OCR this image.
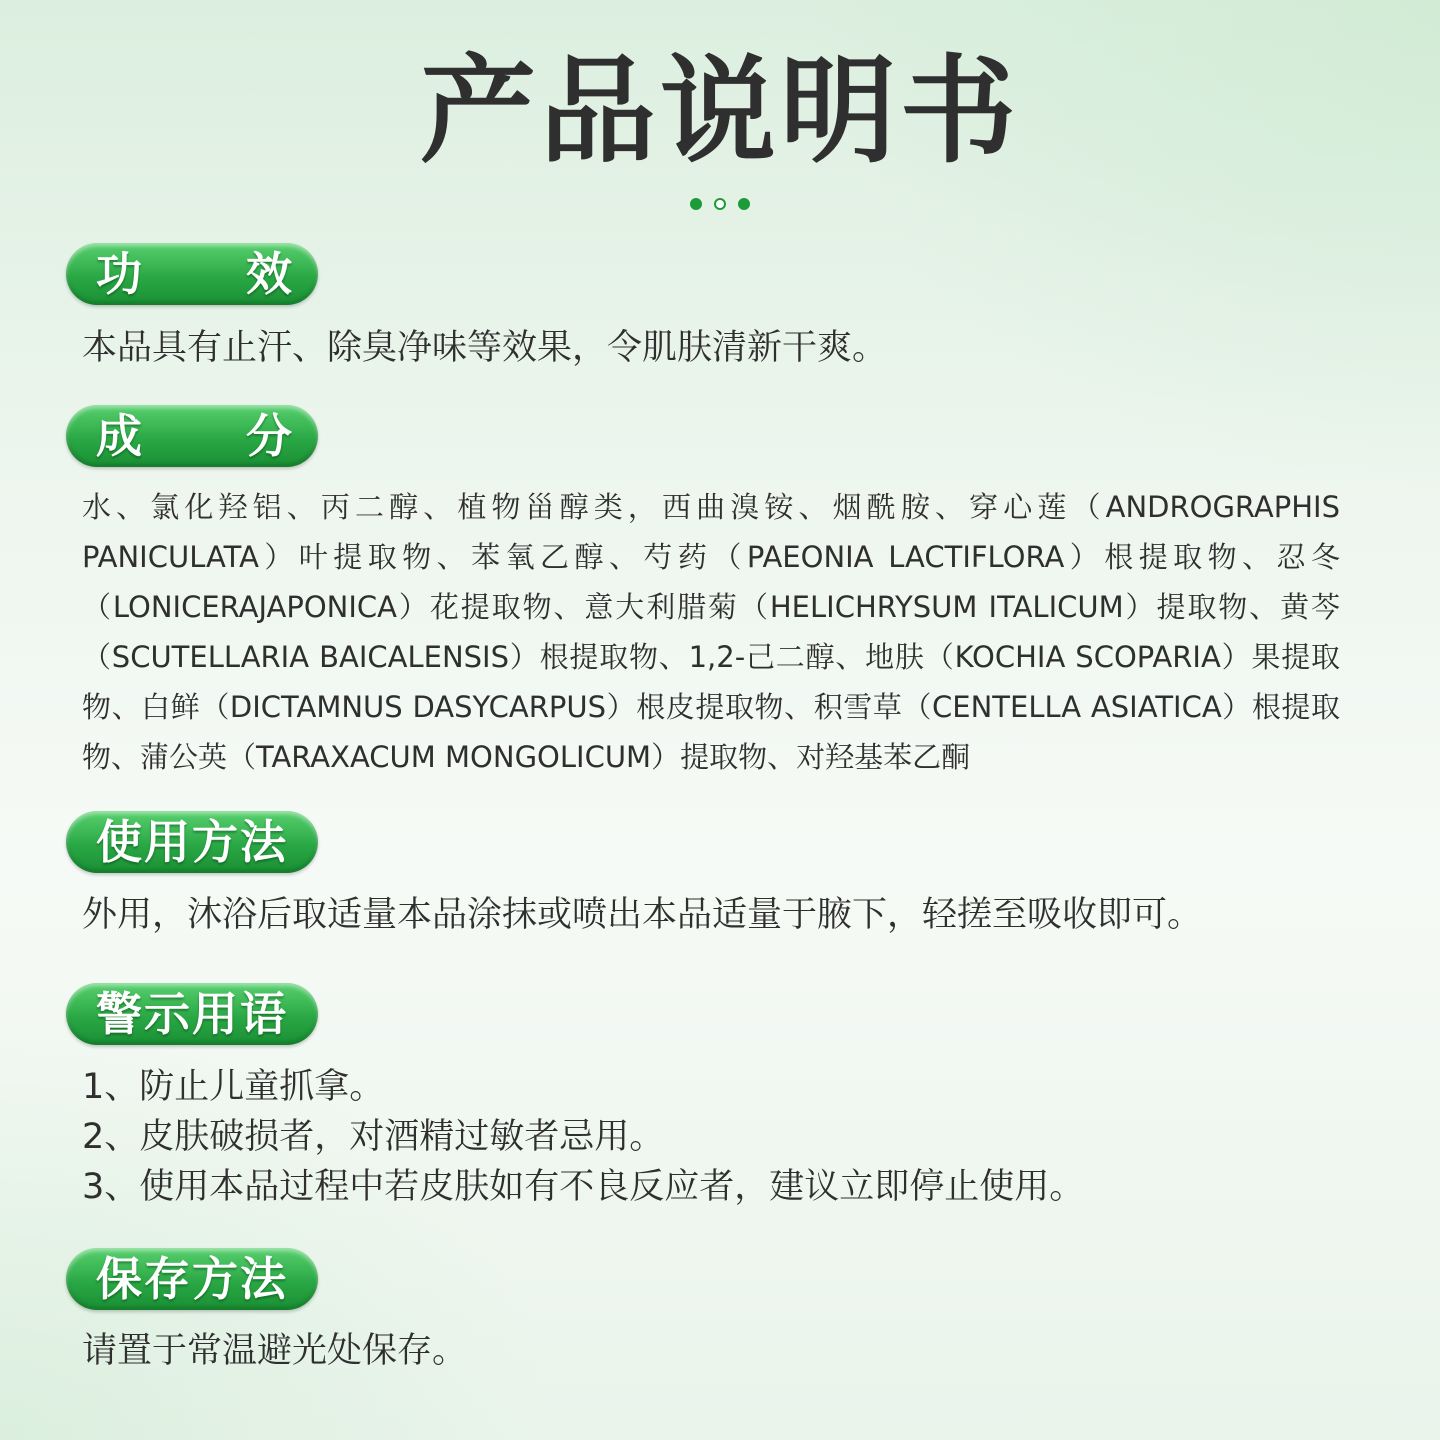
产品说明书
功 效
本品具有止汗、除臭净味等效果，令肌肤清新干爽。
成 分
水、氯化羟铝、丙二醇、植物甾醇类，西曲溴铵、烟酰胺、穿心莲（ANDROGRAPHIS PANICULATA）叶提取物、苯氧乙醇、芍药（PAEONIA LACTIFLORA）根提取物、忍冬（LONICERAJAPONICA）花提取物、意大利腊菊（HELICHRYSUM ITALICUM）提取物、黄芩（SCUTELLARIA BAICALENSIS）根提取物、1,2-己二醇、地肤（KOCHIA SCOPARIA）果提取物、白鲜（DICTAMNUS DASYCARPUS）根皮提取物、积雪草（CENTELLA ASIATICA）根提取物、蒲公英（TARAXACUM MONGOLICUM）提取物、对羟基苯乙酮
使用方法
外用，沐浴后取适量本品涂抹或喷出本品适量于腋下，轻搓至吸收即可。
警示用语
1、防止儿童抓拿。
2、皮肤破损者，对酒精过敏者忌用。
3、使用本品过程中若皮肤如有不良反应者，建议立即停止使用。
保存方法
请置于常温避光处保存。
